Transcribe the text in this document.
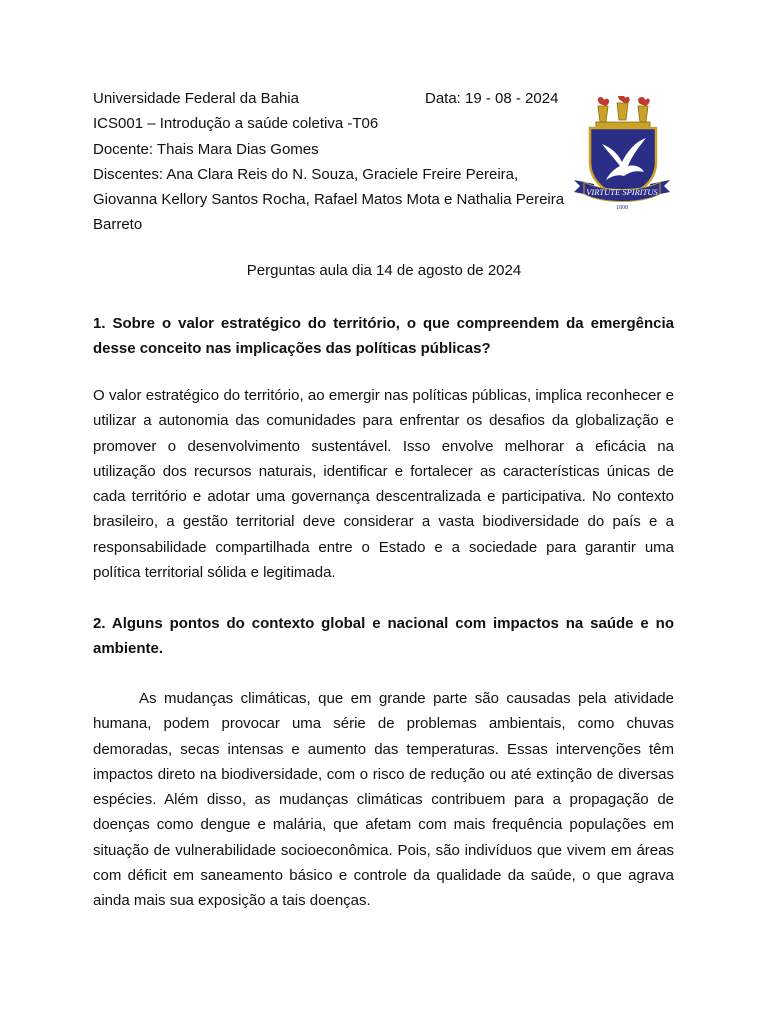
Universidade Federal da Bahia	Data: 19 - 08 - 2024
ICS001 – Introdução a saúde coletiva -T06
Docente: Thais Mara Dias Gomes
Discentes: Ana Clara Reis do N. Souza, Graciele Freire Pereira, Giovanna Kellory Santos Rocha, Rafael Matos Mota e Nathalia Pereira Barreto
VIRTUTE SPIRITUS
1808
Perguntas aula dia 14 de agosto de 2024
1. Sobre o valor estratégico do território, o que compreendem da emergência desse conceito nas implicações das políticas públicas?
O valor estratégico do território, ao emergir nas políticas públicas, implica reconhecer e utilizar a autonomia das comunidades para enfrentar os desafios da globalização e promover o desenvolvimento sustentável. Isso envolve melhorar a eficácia na utilização dos recursos naturais, identificar e fortalecer as características únicas de cada território e adotar uma governança descentralizada e participativa. No contexto brasileiro, a gestão territorial deve considerar a vasta biodiversidade do país e a responsabilidade compartilhada entre o Estado e a sociedade para garantir uma política territorial sólida e legitimada.
2. Alguns pontos do contexto global e nacional com impactos na saúde e no ambiente.
As mudanças climáticas, que em grande parte são causadas pela atividade humana, podem provocar uma série de problemas ambientais, como chuvas demoradas, secas intensas e aumento das temperaturas. Essas intervenções têm impactos direto na biodiversidade, com o risco de redução ou até extinção de diversas espécies. Além disso, as mudanças climáticas contribuem para a propagação de doenças como dengue e malária, que afetam com mais frequência populações em situação de vulnerabilidade socioeconômica. Pois, são indivíduos que vivem em áreas com déficit em saneamento básico e controle da qualidade da saúde, o que agrava ainda mais sua exposição a tais doenças.
